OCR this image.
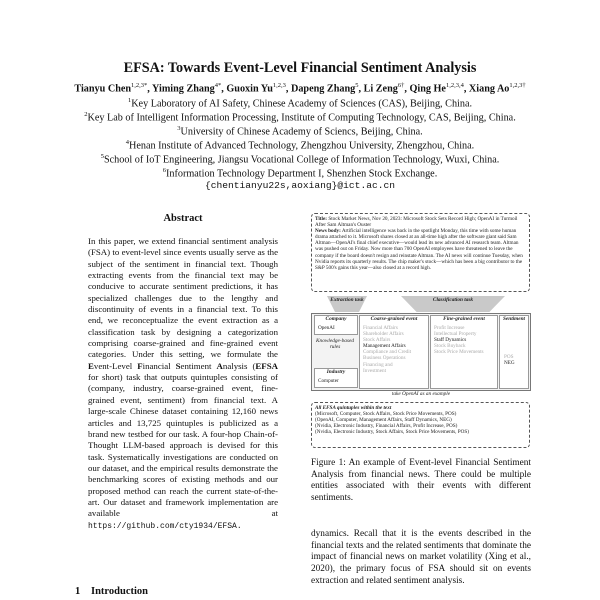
EFSA: Towards Event-Level Financial Sentiment Analysis
Tianyu Chen$^{1,2,3*}$, Yiming Zhang$^{4*}$, Guoxin Yu$^{1,2,3}$, Dapeng Zhang$^5$, Li Zeng$^{6\dagger}$, Qing He$^{1,2,3,4}$, Xiang $Ao^{1,2,3\dagger}$
$^1$Key Laboratory of AI Safety, Chinese Academy of Sciences (CAS), Beijing, China.
$^2$Key Lab of Intelligent Information Processing, Institute of Computing Technology, CAS, Beijing, China.
$^3$University of Chinese Academy of Sciencs, Beijing, China.
$^4$Henan Institute of Advanced Technology, Zhengzhou University, Zhengzhou, China.
$^5$School of IoT Engineering, Jiangsu Vocational College of Information Technology, Wuxi, China.
$^6$Information Technology Department I, Shenzhen Stock Exchange.
{chentianyu22s,aoxiang}@ict.ac.cn
Abstract
In this paper, we extend financial sentiment analysis (FSA) to event-level since events usually serve as the subject of the sentiment in financial text. Though extracting events from the financial text may be conducive to accurate sentiment predictions, it has specialized challenges due to the lengthy and discontinuity of events in a financial text. To this end, we reconceptualize the event extraction as a classification task by designing a categorization comprising coarse-grained and fine-grained event categories. Under this setting, we formulate the Event-Level Financial Sentiment Analysis (EFSA for short) task that outputs quintuples consisting of (company, industry, coarse-grained event, fine-grained event, sentiment) from financial text. A large-scale Chinese dataset containing 12,160 news articles and 13,725 quintuples is publicized as a brand new testbed for our task. A four-hop Chain-of-Thought LLM-based approach is devised for this task. Systematically investigations are conducted on our dataset, and the empirical results demonstrate the benchmarking scores of existing methods and our proposed method can reach the current state-of-the-art. Our dataset and framework implementation are available at https://github.com/cty1934/EFSA.
1 Introduction
Title: Stock Market News, Nov 20, 2023: Microsoft Stock Sets Record High; OpenAI in Turmoil After Sam Altman's Ouster
News body: Artificial intelligence was back in the spotlight Monday, this time with some human drama attached to it. Microsoft shares closed at an all-time high after the software giant said Sam Altman—OpenAI's final chief executive—would lead its new advanced AI research team. Altman was pushed out on Friday. Now more than 700 OpenAI employees have threatened to leave the company if the board doesn't resign and reinstate Altman. The AI news will continue Tuesday, when Nvidia reports its quarterly results. The chip maker's stock—which has been a big contributor to the S&P 500's gains this year—also closed at a record high.
Extraction task	Classification task
Company
OpenAI
Knowledge-based rules
Industry
Computer
Coarse-grained event
Financial Affairs
Shareholder Affairs
Stock Affairs
Management Affairs
Compliance and Credit
Business Operations
Financing and
Investment
Fine-grained event
Profit Increase
Intellectual Property
Staff Dynamics
Stock Buyback
Stock Price Movements
Sentiment
POS
NEG
take OpenAI as an example
All EFSA quintuples within the text
(Microsoft, Computer, Stock Affairs, Stock Price Movements, POS)
(OpenAI, Computer, Management Affairs, Staff Dynamics, NEG)
(Nvidia, Electronic Industry, Financial Affairs, Profit Increase, POS)
(Nvidia, Electronic Industry, Stock Affairs, Stock Price Movements, POS)
Figure 1: An example of Event-level Financial Sentiment Analysis from financial news. There could be multiple entities associated with their events with different sentiments.
dynamics. Recall that it is the events described in the financial texts and the related sentiments that dominate the impact of financial news on market volatility (Xing et al., 2020), the primary focus of FSA should sit on events extraction and related sentiment analysis.
